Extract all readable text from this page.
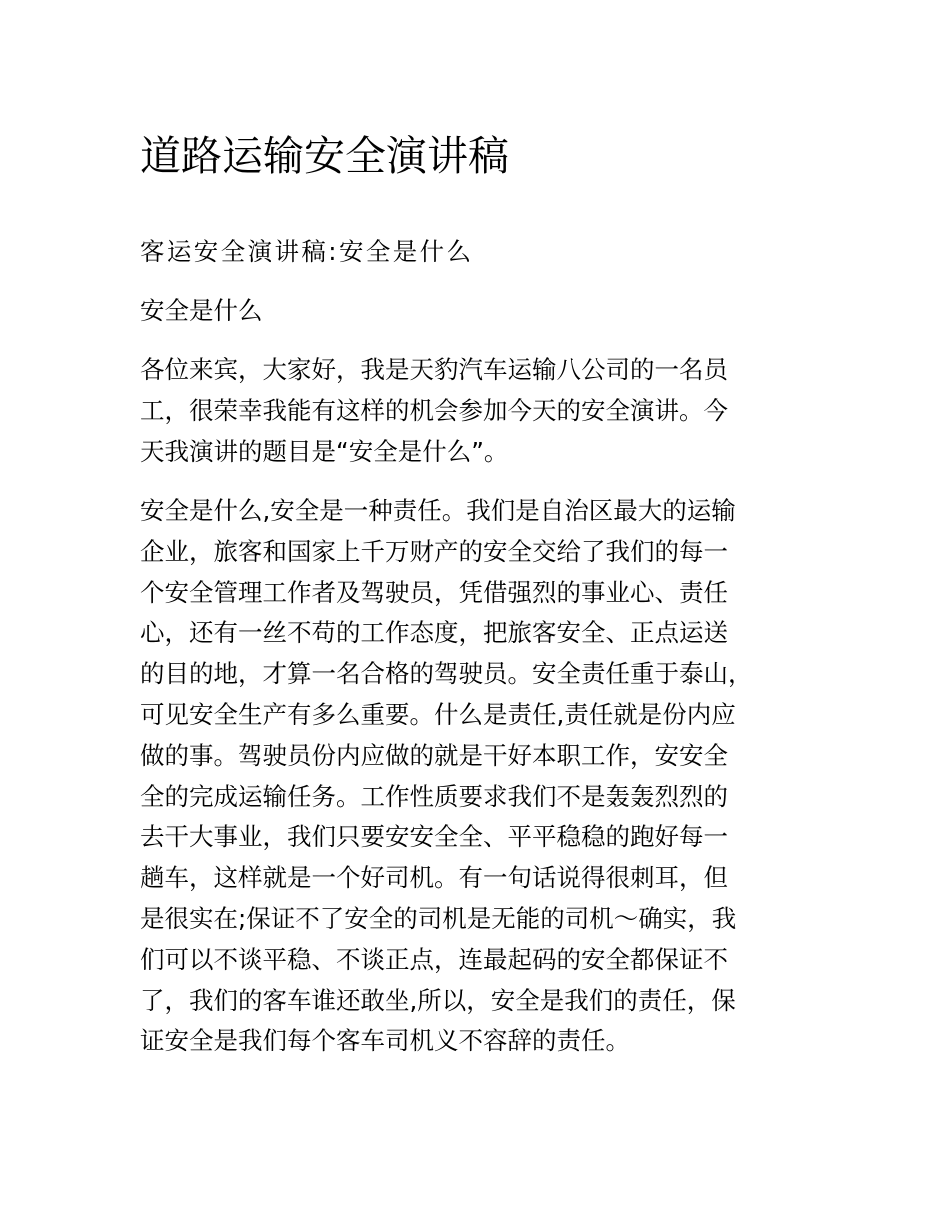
道路运输安全演讲稿

客运安全演讲稿:安全是什么

安全是什么

各位来宾，大家好，我是天豹汽车运输八公司的一名员
工，很荣幸我能有这样的机会参加今天的安全演讲。今
天我演讲的题目是“安全是什么”。

安全是什么,安全是一种责任。我们是自治区最大的运输
企业，旅客和国家上千万财产的安全交给了我们的每一
个安全管理工作者及驾驶员，凭借强烈的事业心、责任
心，还有一丝不苟的工作态度，把旅客安全、正点运送
的目的地，才算一名合格的驾驶员。安全责任重于泰山，
可见安全生产有多么重要。什么是责任,责任就是份内应
做的事。驾驶员份内应做的就是干好本职工作，安安全
全的完成运输任务。工作性质要求我们不是轰轰烈烈的
去干大事业，我们只要安安全全、平平稳稳的跑好每一
趟车，这样就是一个好司机。有一句话说得很刺耳，但
是很实在;保证不了安全的司机是无能的司机～确实，我
们可以不谈平稳、不谈正点，连最起码的安全都保证不
了，我们的客车谁还敢坐,所以，安全是我们的责任，保
证安全是我们每个客车司机义不容辞的责任。
